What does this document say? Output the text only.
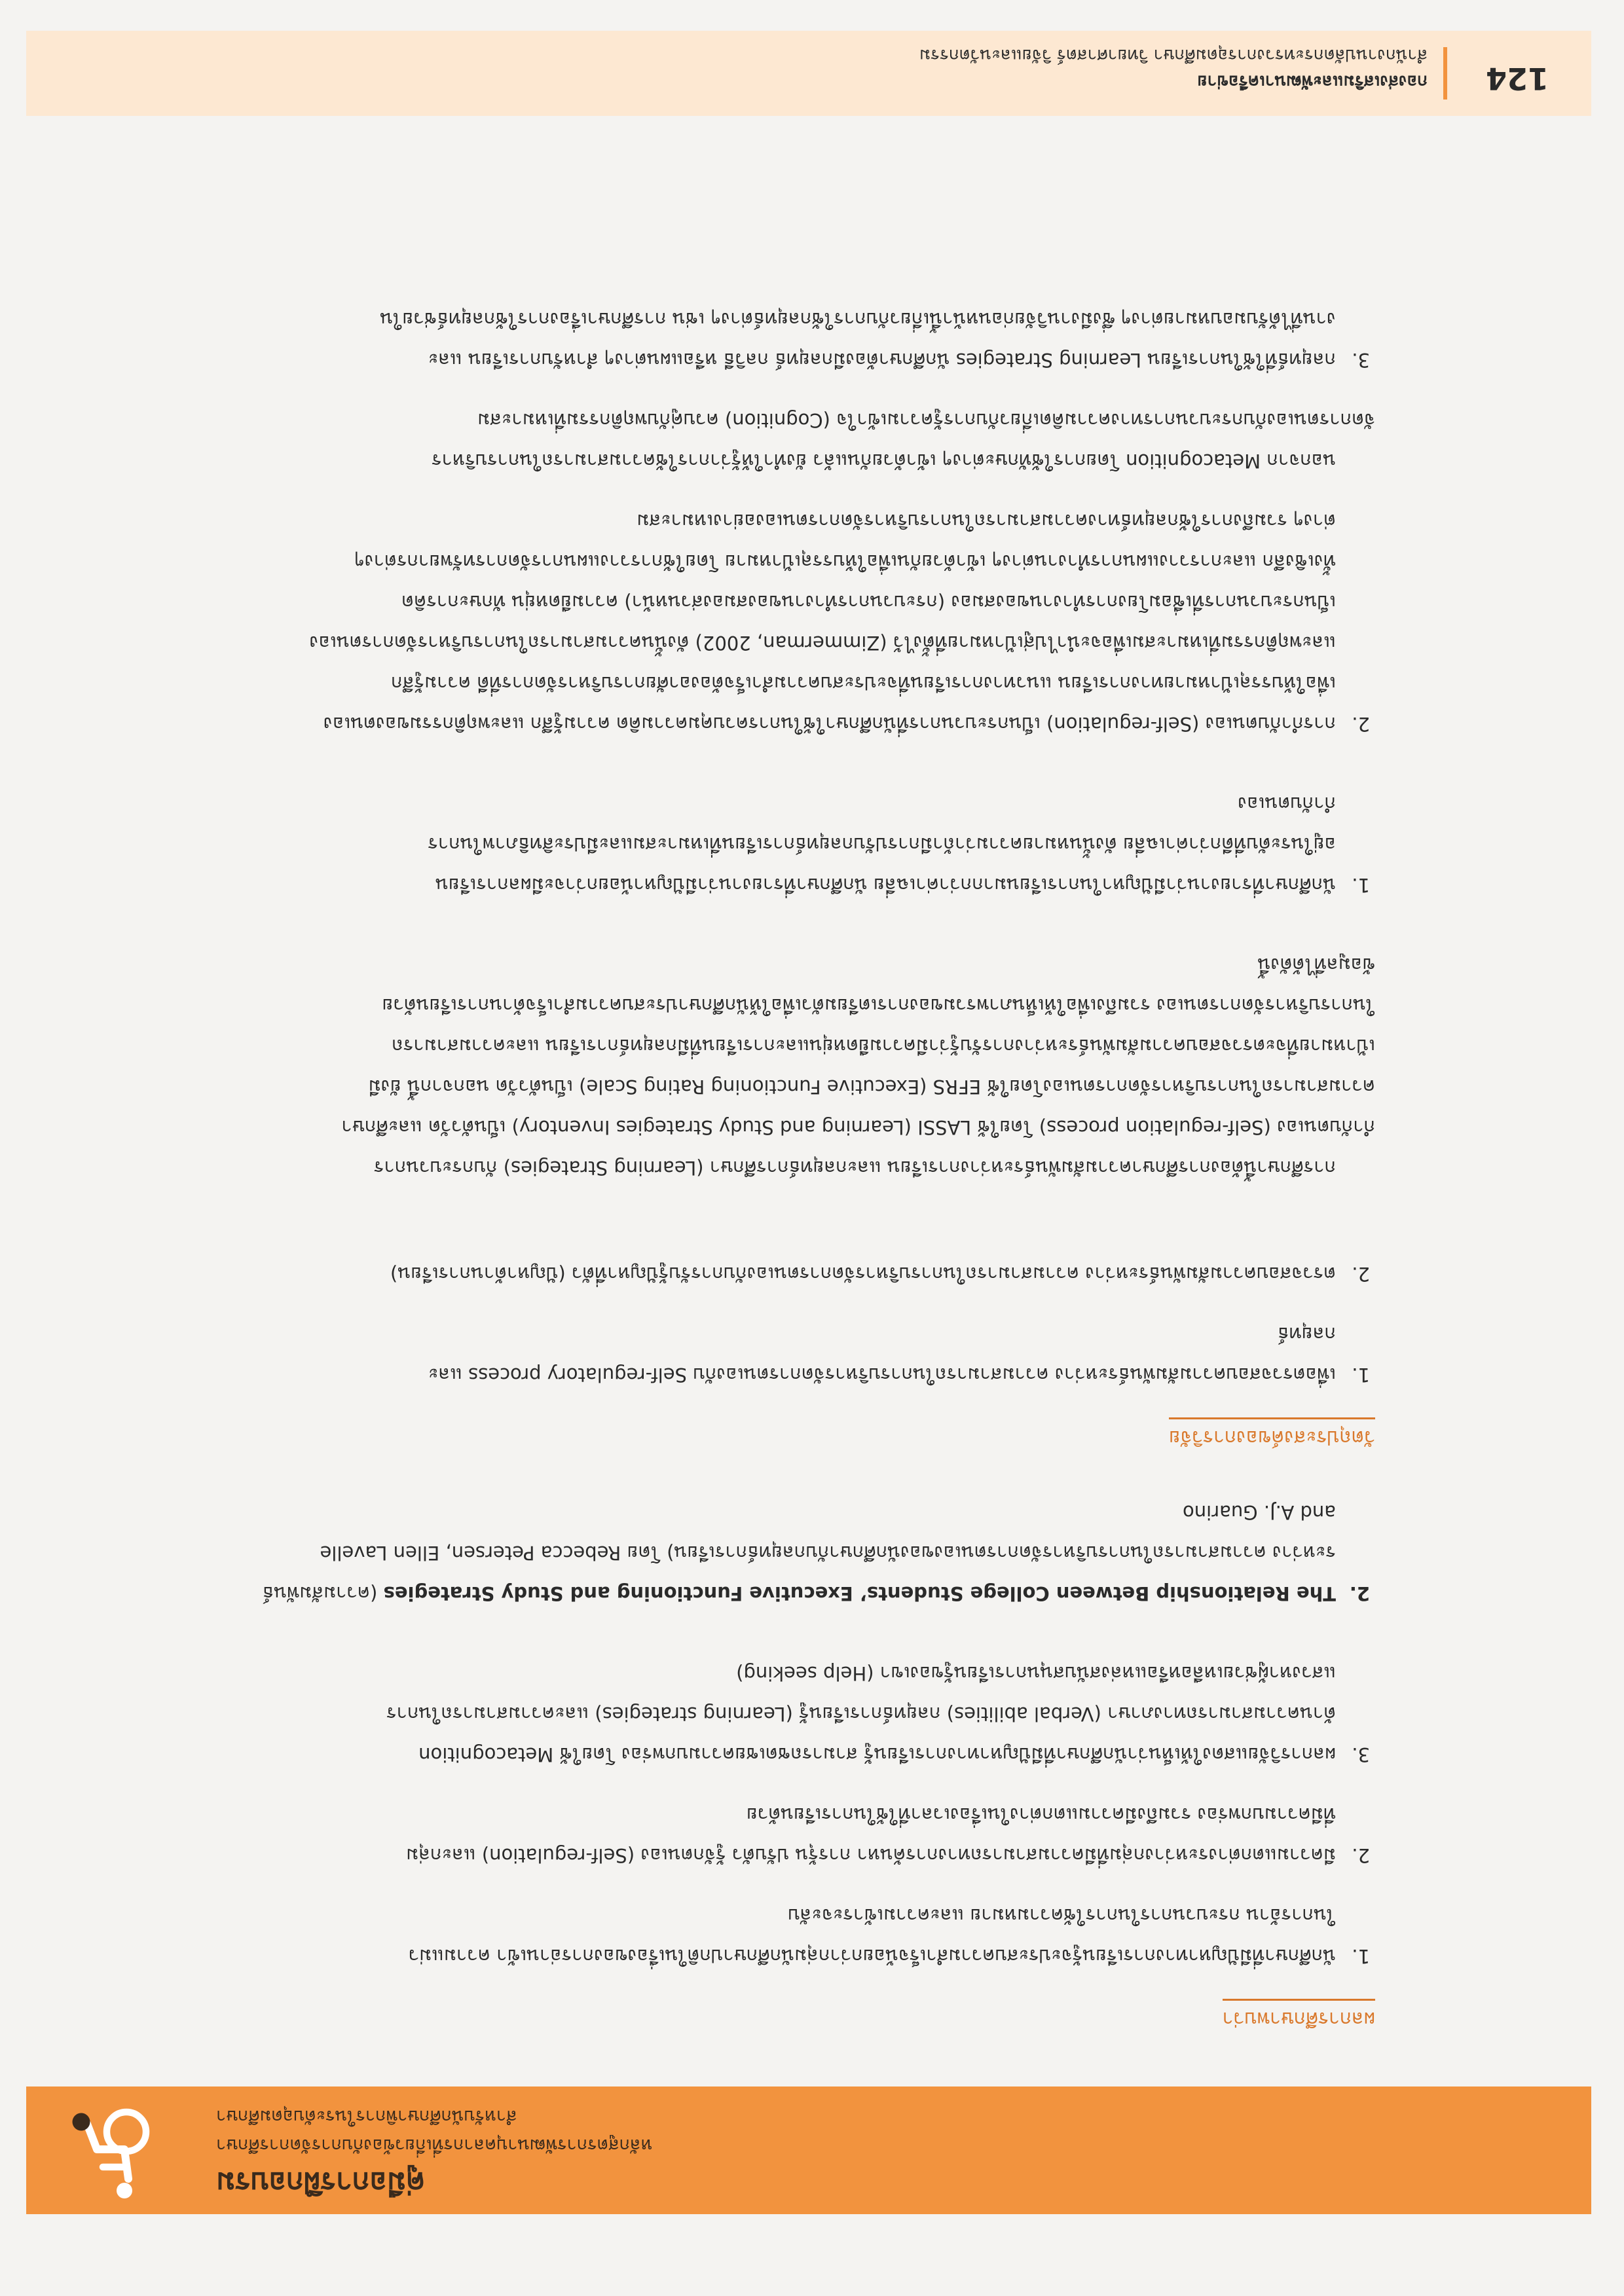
คู่มือการฝึกอบรม
หลักสูตรการพัฒนาบุคลากรที่เกี่ยวข้องกับการจัดการศึกษา
สำหรับนักศึกษาพิการในระดับอุดมศึกษา
ผลการศึกษาพบว่า
1.
นักศึกษาที่มีปัญหาทางการเรียนรู้จะประสบความสำเร็จน้อยกว่ากลุ่มนักศึกษาปกติในเรื่องของการอ่านเข้า ความแม่ว
ในการอ้าน กระบวนการในการใช้ความหมาย และความเข้าระจะลับ
2.
มีความแตกต่างระหว่างกลุ่มที่มีความสามารถทางการค้นหา การรุ้น ปรับตัว รู้จักตนเอง (Self-regulation) และกลุ่ม
ที่มีความบกพร่อง รวมถึงมีความแตกต่างในเรื่องเวลาที่ใช้ในการเรียนด้วย
3.
ผลการวิจัยแสดงให้เห็นว่านักศึกษาที่มีปัญหาทางการเรียนรู้ สามารถชดเชยความบกพร่อง โดยใช้ Metacognition
ด้านความสามารถทางภาษา (Verbal abilities) กลยุทธ์การเรียนรู้ (Learning strategies) และความสามารถในการ
แสวงหาผู้ช่วยเหลือหรือแหล่งสนับสนุนการเรียนรู้ของเขา (Help seeking)
2.
The Relationship Between College Students’ Executive Functioning and Study Strategies (ความสัมพันธ์
ระหว่าง ความสามารถในการบริหารจัดการตนเองของนักศึกษากับกลยุทธ์การเรียน) โดย Rebecca Petersen, Ellen Lavelle
and A.J. Guarino
วัตถุประสงค์ของการวิจัย
1.
เพื่อตรวจสอบความสัมพันธ์ระหว่าง ความสามารถในการบริหารจัดการตนเองกับ Self-regulatory process และ
กลยุทธ์
2.
ตรวจสอบความสัมพันธ์ระหว่าง ความสามารถในการบริหารจัดการตนเองกับการรับรู้ปัญหาที่ตัว (ปัญหาด้านการเรียน)
การศึกษานี้ต้องการศึกษาความสัมพันธ์ระหว่างการเรียน และกลยุทธ์การศึกษา (Learning Strategies) กับกระบวนการ
กำกับตนเอง (Self-regulation process) โดยใช้ LASSI (Learning and Study Strategies Inventory) เป็นตัววัด และศึกษา
ความสามารถในการบริหารจัดการตนเองโดยใช้ EFRS (Executive Functioning Rating Scale) เป็นตัววัด นอกจากนี้ ยังมี
เป้าหมายที่จะตรวจสอบความสัมพันธ์ระหว่างการรับรู้ว่ามีความยืดหยุ่นและการเรียนที่มีกลยุทธ์การเรียน และความสามารถ
ในการบริหารจัดการตนเอง รวมถึงเพื่อให้เห็นภาพรวมของการเตรียมตัวเพื่อให้นักศึกษาประสบความสำเร็จด้านการเรียนด้วย
ข้อมูลที่ได้ดังนี้
1.
นักศึกษาที่รายงานว่ามีปัญหาในการเรียนมากกว่าค่าเฉลี่ย นักศึกษาที่รายงานว่ามีปัญหาน้อยกว่าจะมีผลการเรียน
อยู่ในระดับที่ดีกว่าค่าเฉลี่ย ดังนั้นหมายความว่าถ้ามีการปรับกลยุทธ์การเรียนที่เหมาะสมและมีประสิทธิภาพในการ
กำกับตนเอง
2.
การกำกับตนเอง (Self-regulation) เป็นกระบวนการที่นักศึกษาใช้ในการควบคุมความคิด ความรู้สึก และพฤติกรรมของตนเอง
เพื่อให้บรรลุเป้าหมายทางการเรียน แนวทางการเรียนที่จะประสบความสำเร็จต้องอาศัยการบริหารจัดการที่ดี ความรู้สึก
และพฤติกรรมที่เหมาะสมเพื่อจะนำไปสู่เป้าหมายที่ตั้งไว้ (Zimmerman, 2002) ดังนั้นความสามารถในการบริหารจัดการตนเอง
เป็นกระบวนการที่เชื่อมโยงการทำงานของสมอง (กระบวนการทำงานของสมองส่วนหน้า) ความยืดหยุ่น ทักษะการคิด
ทั้งเชิงลึก และการวางแผนการทำงานต่างๆ เข้าด้วยกันเพื่อให้บรรลุเป้าหมาย โดยใช้การวางแผนการจัดการทรัพยากรต่างๆ
ต่างๆ รวมถึงการใช้กลยุทธ์ทางความสามารถในการบริหารจัดการตนเองอย่างเหมาะสม
นอกจาก Metacognition โดยการใช้ทักษะต่างๆ เข้าด้วยกันแล้ว ยังทำให้รู้ว่าการใช้ความสามารถในการบริหาร
จัดการตนเองกับกระบวนการทางความคิดเกี่ยวกับการรู้ความเข้าใจ (Cognition) ควบคู่กับพฤติกรรมที่เหมาะสม
3.
กลยุทธ์ที่ใช้ในการเรียน Learning Strategies นักศึกษาต้องมีกลยุทธ์ กลวิธี หรือแผนต่างๆ สำหรับการเรียน และ
งานที่ได้รับมอบหมายต่างๆ ซึ่งมีงานวิจัยก่อนหน้านี้เกี่ยวกับการใช้กลยุทธ์ต่างๆ เช่น การศึกษาเรื่องการใช้กลยุทธ์ช่วยใน
124
กองส่งเสริมและพัฒนาเครือข่าย
สำนักงานปลัดกระทรวงการอุดมศึกษา วิทยาศาสตร์ วิจัยและนวัตกรรม
